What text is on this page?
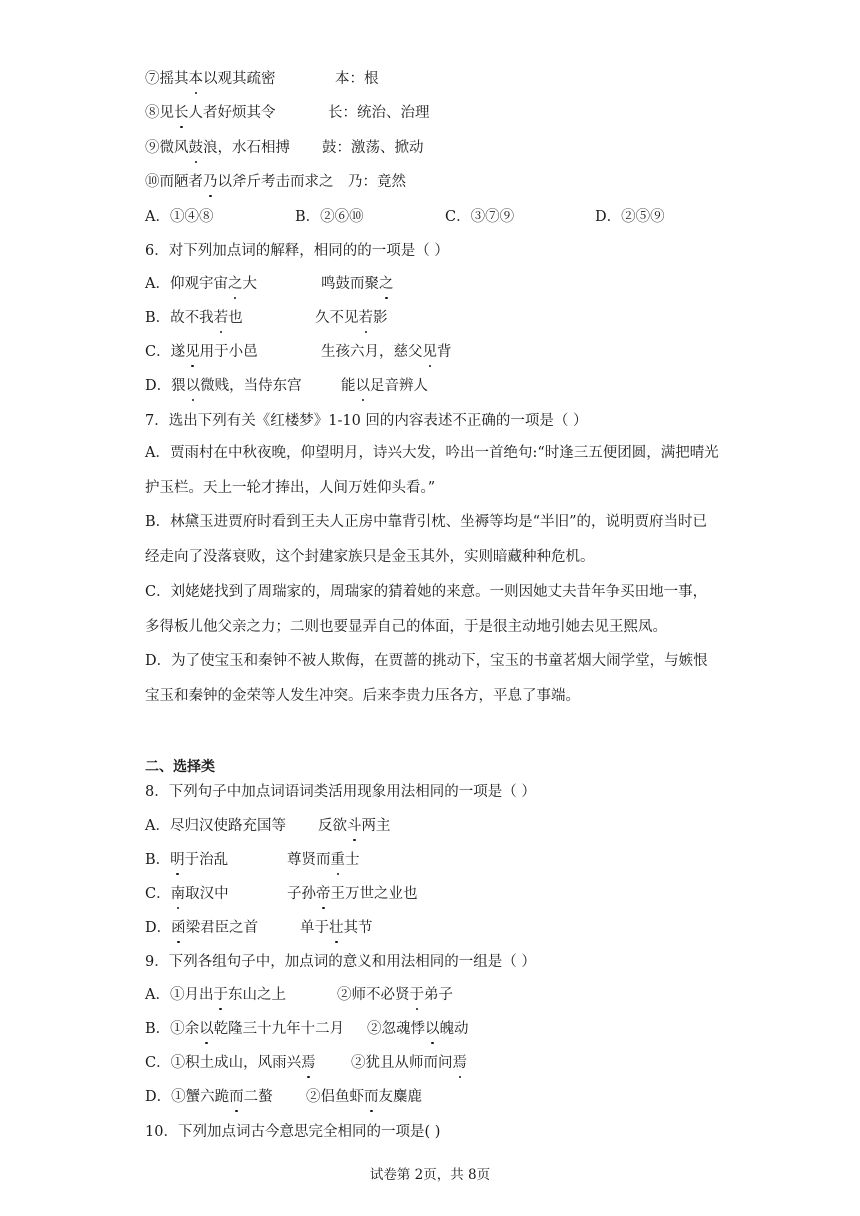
⑦摇其本以观其疏密	本：根
⑧见长人者好烦其令	长：统治、治理
⑨微风鼓浪，水石相搏 鼓：激荡、掀动
⑩而陋者乃以斧斤考击而求之 乃：竟然
A．①④⑧	B．②⑥⑩	C．③⑦⑨	D．②⑤⑨
6．对下列加点词的解释，相同的的一项是（ ）
A．仰观宇宙之大	鸣鼓而聚之
B．故不我若也	久不见若影
C．遂见用于小邑	生孩六月，慈父见背
D．猥以微贱，当侍东宫	能以足音辨人
7．选出下列有关《红楼梦》1-10 回的内容表述不正确的一项是（ ）
A．贾雨村在中秋夜晚，仰望明月，诗兴大发，吟出一首绝句:“时逢三五便团圆，满把晴光护玉栏。天上一轮才捧出，人间万姓仰头看。”
B．林黛玉进贾府时看到王夫人正房中靠背引枕、坐褥等均是“半旧”的，说明贾府当时已经走向了没落衰败，这个封建家族只是金玉其外，实则暗藏种种危机。
C．刘姥姥找到了周瑞家的，周瑞家的猜着她的来意。一则因她丈夫昔年争买田地一事，多得板儿他父亲之力；二则也要显弄自己的体面，于是很主动地引她去见王熙凤。
D．为了使宝玉和秦钟不被人欺侮，在贾蔷的挑动下，宝玉的书童茗烟大闹学堂，与嫉恨宝玉和秦钟的金荣等人发生冲突。后来李贵力压各方，平息了事端。
二、选择类
8．下列句子中加点词语词类活用现象用法相同的一项是（ ）
A．尽归汉使路充国等 反欲斗两主
B．明于治乱	尊贤而重士
C．南取汉中	子孙帝王万世之业也
D．函梁君臣之首	单于壮其节
9．下列各组句子中，加点词的意义和用法相同的一组是（ ）
A．①月出于东山之上	②师不必贤于弟子
B．①余以乾隆三十九年十二月 ②忽魂悸以魄动
C．①积土成山，风雨兴焉 ②犹且从师而问焉
D．①蟹六跪而二螯 ②侣鱼虾而友麋鹿
10．下列加点词古今意思完全相同的一项是( )
试卷第 2页，共 8页
